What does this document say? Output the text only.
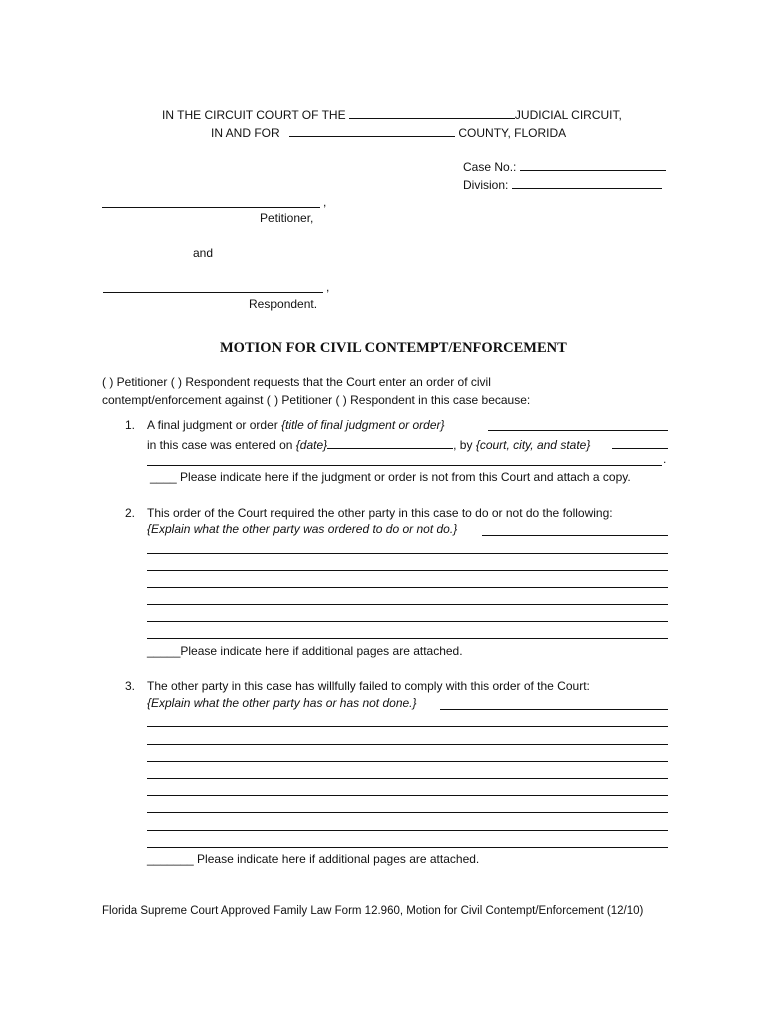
IN THE CIRCUIT COURT OF THE	JUDICIAL CIRCUIT,
IN AND FOR	COUNTY, FLORIDA
Case No.:
Division:
,
Petitioner,
and
,
Respondent.
MOTION FOR CIVIL CONTEMPT/ENFORCEMENT
( ) Petitioner ( ) Respondent requests that the Court enter an order of civil
contempt/enforcement against ( ) Petitioner ( ) Respondent in this case because:
1. A final judgment or order {title of final judgment or order}
in this case was entered on {date}	, by {court, city, and state}
.
____ Please indicate here if the judgment or order is not from this Court and attach a copy.
2. This order of the Court required the other party in this case to do or not do the following:
{Explain what the other party was ordered to do or not do.}
_____Please indicate here if additional pages are attached.
3. The other party in this case has willfully failed to comply with this order of the Court:
{Explain what the other party has or has not done.}
_______ Please indicate here if additional pages are attached.
Florida Supreme Court Approved Family Law Form 12.960, Motion for Civil Contempt/Enforcement (12/10)
